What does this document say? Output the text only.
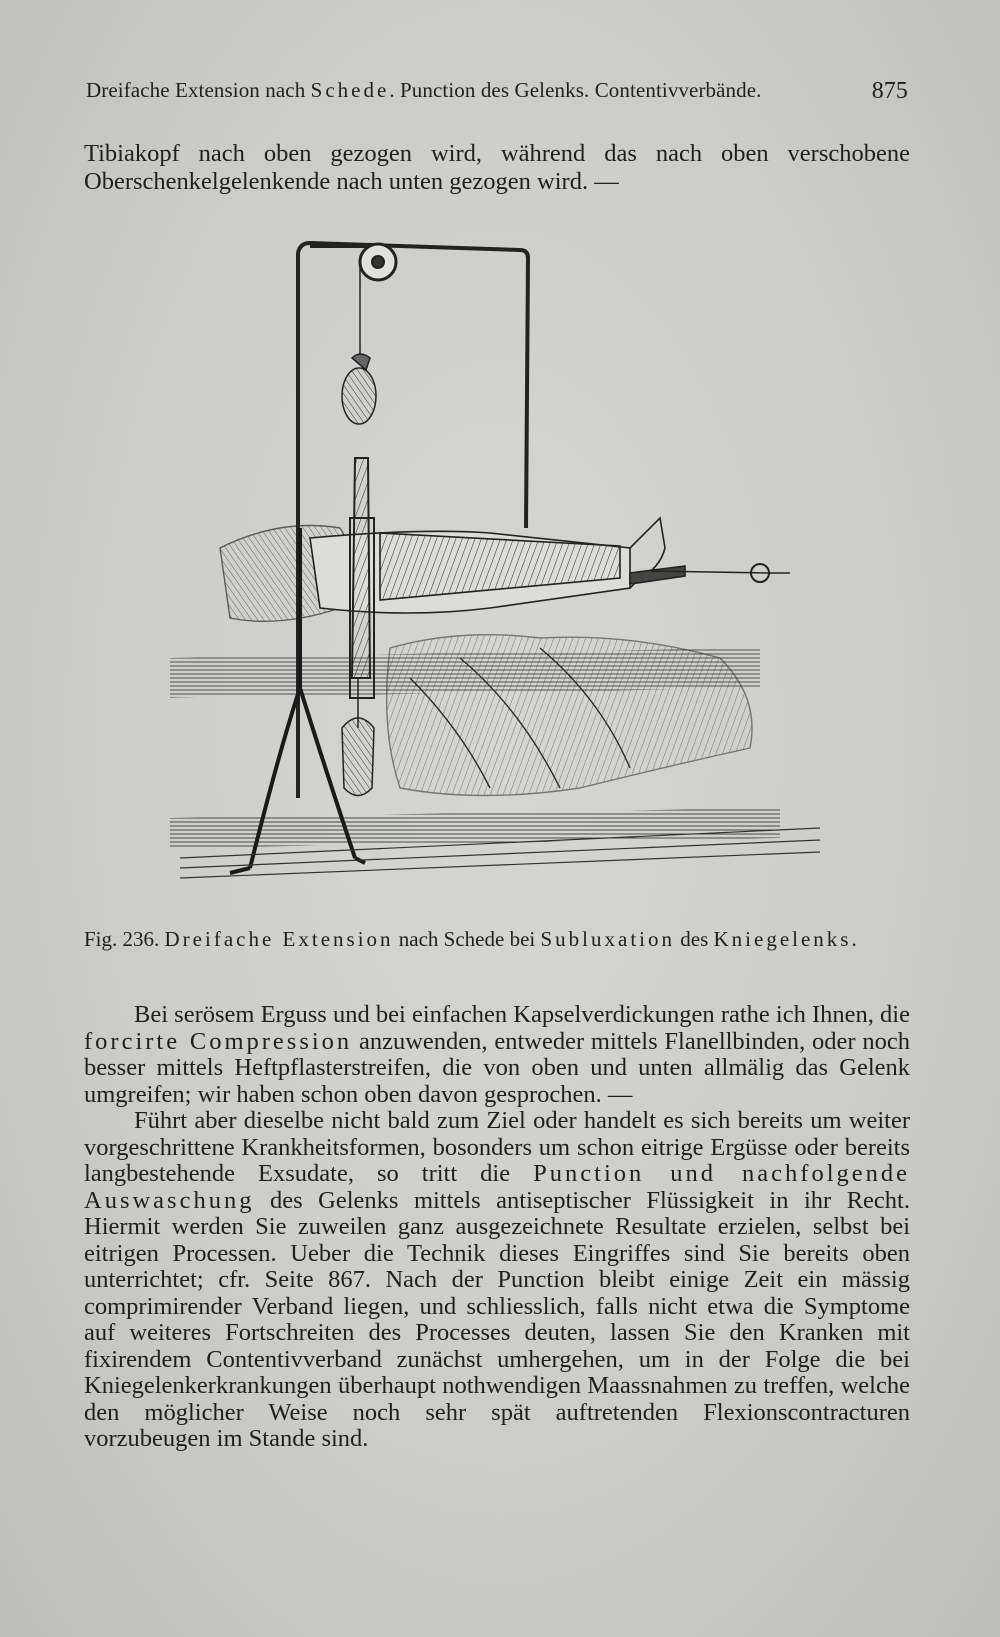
Dreifache Extension nach Schede. Punction des Gelenks. Contentivverbände.	875
Tibiakopf nach oben gezogen wird, während das nach oben verschobene Oberschenkelgelenkende nach unten gezogen wird. —
Fig. 236. Dreifache Extension nach Schede bei Subluxation des Kniegelenks.

Bei serösem Erguss und bei einfachen Kapselverdickungen rathe ich Ihnen, die forcirte Compression anzuwenden, entweder mittels Flanellbinden, oder noch besser mittels Heftpflasterstreifen, die von oben und unten allmälig das Gelenk umgreifen; wir haben schon oben davon gesprochen. —

Führt aber dieselbe nicht bald zum Ziel oder handelt es sich bereits um weiter vorgeschrittene Krankheitsformen, bosonders um schon eitrige Ergüsse oder bereits langbestehende Exsudate, so tritt die Punction und nachfolgende Auswaschung des Gelenks mittels antiseptischer Flüssigkeit in ihr Recht. Hiermit werden Sie zuweilen ganz ausgezeichnete Resultate erzielen, selbst bei eitrigen Processen. Ueber die Technik dieses Eingriffes sind Sie bereits oben unterrichtet; cfr. Seite 867. Nach der Punction bleibt einige Zeit ein mässig comprimirender Verband liegen, und schliesslich, falls nicht etwa die Symptome auf weiteres Fortschreiten des Processes deuten, lassen Sie den Kranken mit fixirendem Contentivverband zunächst umhergehen, um in der Folge die bei Kniegelenkerkrankungen überhaupt nothwendigen Maassnahmen zu treffen, welche den möglicher Weise noch sehr spät auftretenden Flexionscontracturen vorzubeugen im Stande sind.
